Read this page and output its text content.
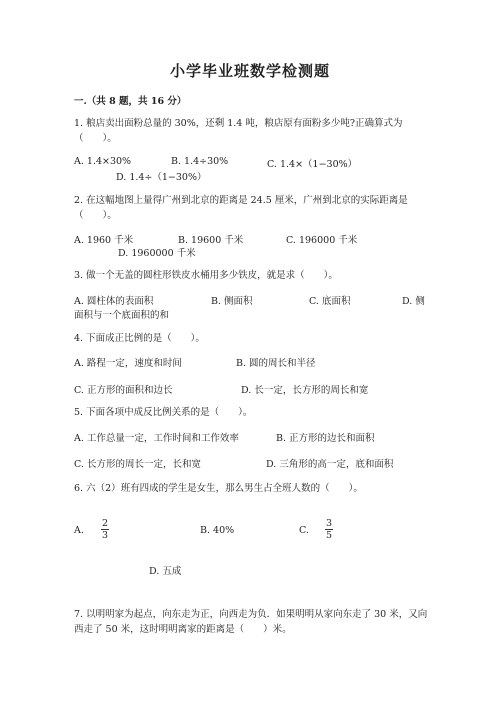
小学毕业班数学检测题
一.（共 8 题，共 16 分）
1. 粮店卖出面粉总量的 30%，还剩 1.4 吨，粮店原有面粉多少吨?正确算式为（　　）。
A. 1.4×30%	B. 1.4÷30%	C. 1.4×（1−30%）
D. 1.4÷（1−30%）
2. 在这幅地图上量得广州到北京的距离是 24.5 厘米，广州到北京的实际距离是（　　）。
A. 1960 千米	B. 19600 千米	C. 196000 千米
D. 1960000 千米
3. 做一个无盖的圆柱形铁皮水桶用多少铁皮，就是求（　　）。
A. 圆柱体的表面积	B. 侧面积	C. 底面积	D. 侧
面积与一个底面积的和
4. 下面成正比例的是（　　）。
A. 路程一定，速度和时间	B. 圆的周长和半径
C. 正方形的面积和边长	D. 长一定，长方形的周长和宽
5. 下面各项中成反比例关系的是（　　）。
A. 工作总量一定，工作时间和工作效率	B. 正方形的边长和面积
C. 长方形的周长一定，长和宽	D. 三角形的高一定，底和面积
6. 六（2）班有四成的学生是女生，那么男生占全班人数的（　　）。
A.
2
3	B. 40%	C.
3
5
D. 五成
7. 以明明家为起点，向东走为正，向西走为负．如果明明从家向东走了 30 米，又向西走了 50 米，这时明明离家的距离是（　　）米。
